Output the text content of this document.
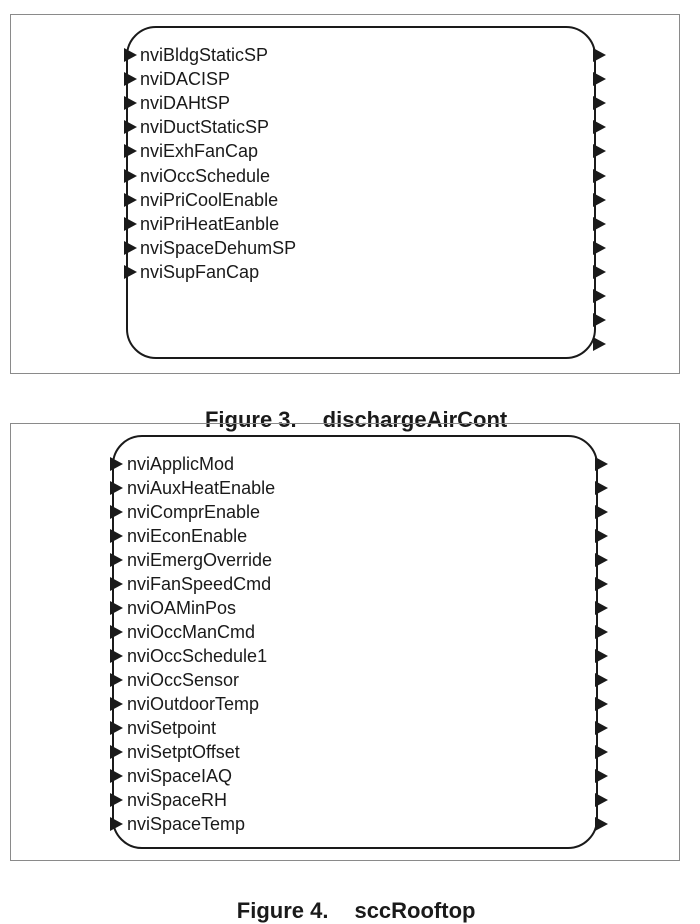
nviBldgStaticSP
nviDACISP
nviDAHtSP
nviDuctStaticSP
nviExhFanCap
nviOccSchedule
nviPriCoolEnable
nviPriHeatEanble
nviSpaceDehumSP
nviSupFanCap

Figure 3. dischargeAirCont

nviApplicMod
nviAuxHeatEnable
nviComprEnable
nviEconEnable
nviEmergOverride
nviFanSpeedCmd
nviOAMinPos
nviOccManCmd
nviOccSchedule1
nviOccSensor
nviOutdoorTemp
nviSetpoint
nviSetptOffset
nviSpaceIAQ
nviSpaceRH
nviSpaceTemp

Figure 4. sccRooftop
